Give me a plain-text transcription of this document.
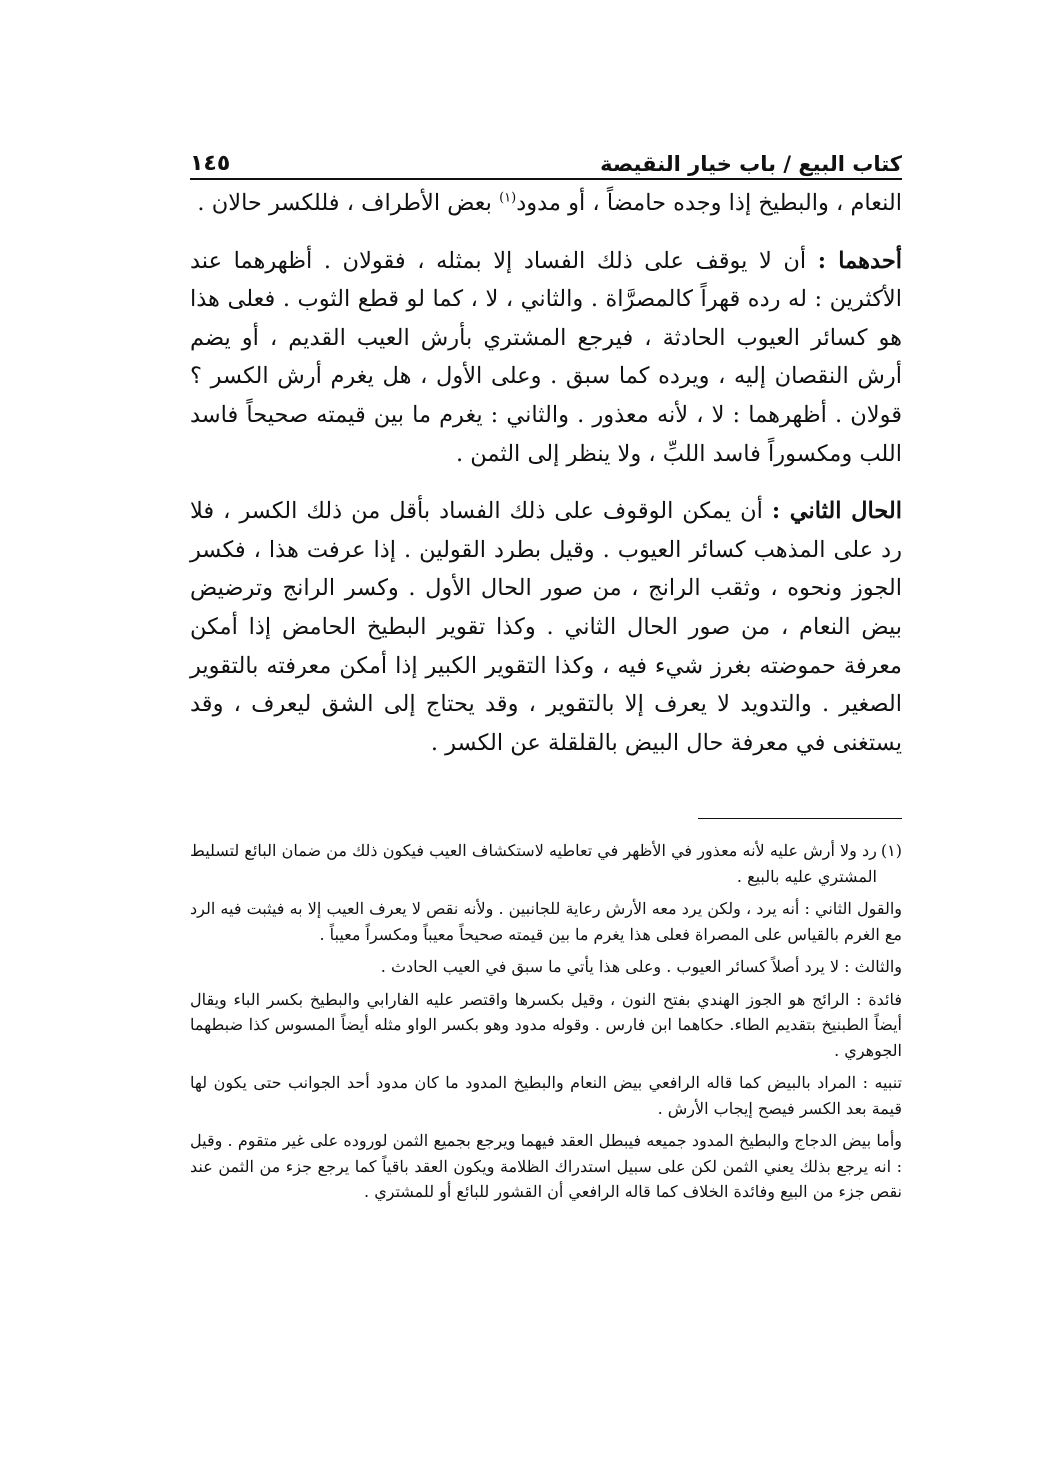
كتاب البيع / باب خيار النقيصة
١٤٥

النعام ، والبطيخ إذا وجده حامضاً ، أو مدود$^{(١)}$ بعض الأطراف ، فللكسر حالان .

أحدهما : أن لا يوقف على ذلك الفساد إلا بمثله ، فقولان . أظهرهما عند الأكثرين : له رده قهراً كالمصرَّاة . والثاني ، لا ، كما لو قطع الثوب . فعلى هذا هو كسائر العيوب الحادثة ، فيرجع المشتري بأرش العيب القديم ، أو يضم أرش النقصان إليه ، ويرده كما سبق . وعلى الأول ، هل يغرم أرش الكسر ؟ قولان . أظهرهما : لا ، لأنه معذور . والثاني : يغرم ما بين قيمته صحيحاً فاسد اللب ومكسوراً فاسد اللبِّ ، ولا ينظر إلى الثمن .

الحال الثاني : أن يمكن الوقوف على ذلك الفساد بأقل من ذلك الكسر ، فلا رد على المذهب كسائر العيوب . وقيل بطرد القولين . إذا عرفت هذا ، فكسر الجوز ونحوه ، وثقب الرانج ، من صور الحال الأول . وكسر الرانج وترضيض بيض النعام ، من صور الحال الثاني . وكذا تقوير البطيخ الحامض إذا أمكن معرفة حموضته بغرز شيء فيه ، وكذا التقوير الكبير إذا أمكن معرفته بالتقوير الصغير . والتدويد لا يعرف إلا بالتقوير ، وقد يحتاج إلى الشق ليعرف ، وقد يستغنى في معرفة حال البيض بالقلقلة عن الكسر .

(١)
رد ولا أرش عليه لأنه معذور في الأظهر في تعاطيه لاستكشاف العيب فيكون ذلك من ضمان البائع لتسليط المشتري عليه بالبيع .

والقول الثاني : أنه يرد ، ولكن يرد معه الأرش رعاية للجانبين . ولأنه نقص لا يعرف العيب إلا به فيثبت فيه الرد مع الغرم بالقياس على المصراة فعلى هذا يغرم ما بين قيمته صحيحاً معيباً ومكسراً معيباً .

والثالث : لا يرد أصلاً كسائر العيوب . وعلى هذا يأتي ما سبق في العيب الحادث .

فائدة : الرائج هو الجوز الهندي بفتح النون ، وقيل بكسرها واقتصر عليه الفارابي والبطيخ بكسر الباء ويقال أيضاً الطبنيخ بتقديم الطاء. حكاهما ابن فارس . وقوله مدود وهو بكسر الواو مثله أيضاً المسوس كذا ضبطهما الجوهري .

تنبيه : المراد بالبيض كما قاله الرافعي بيض النعام والبطيخ المدود ما كان مدود أحد الجوانب حتى يكون لها قيمة بعد الكسر فيصح إيجاب الأرش .

وأما بيض الدجاج والبطيخ المدود جميعه فيبطل العقد فيهما ويرجع بجميع الثمن لوروده على غير متقوم . وقيل : انه يرجع بذلك يعني الثمن لكن على سبيل استدراك الظلامة ويكون العقد باقياً كما يرجع جزء من الثمن عند نقص جزء من البيع وفائدة الخلاف كما قاله الرافعي أن القشور للبائع أو للمشتري .
